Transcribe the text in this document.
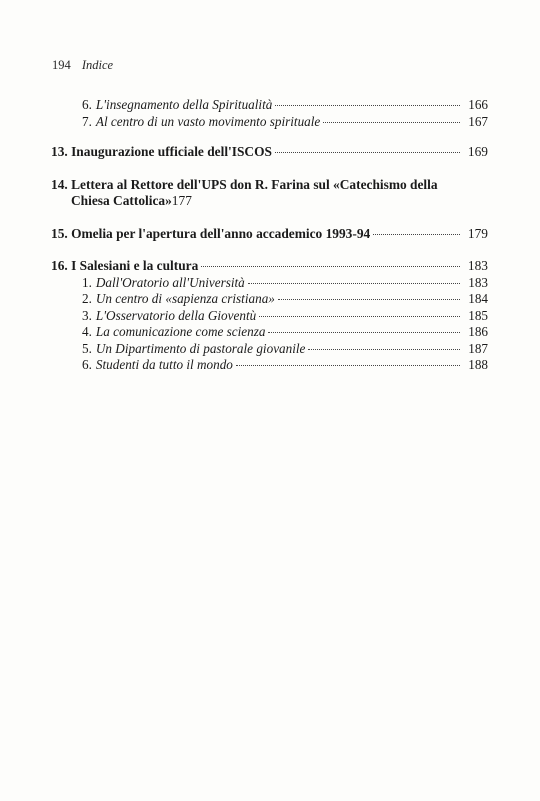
194 Indice
6. L'insegnamento della Spiritualità	166
7. Al centro di un vasto movimento spirituale	167
13. Inaugurazione ufficiale dell'ISCOS	169
14. Lettera al Rettore dell'UPS don R. Farina sul «Catechismo della
Chiesa Cattolica» 177
15. Omelia per l'apertura dell'anno accademico 1993-94	179
16. I Salesiani e la cultura	183
1. Dall'Oratorio all'Università	183
2. Un centro di «sapienza cristiana»	184
3. L'Osservatorio della Gioventù	185
4. La comunicazione come scienza	186
5. Un Dipartimento di pastorale giovanile	187
6. Studenti da tutto il mondo	188
